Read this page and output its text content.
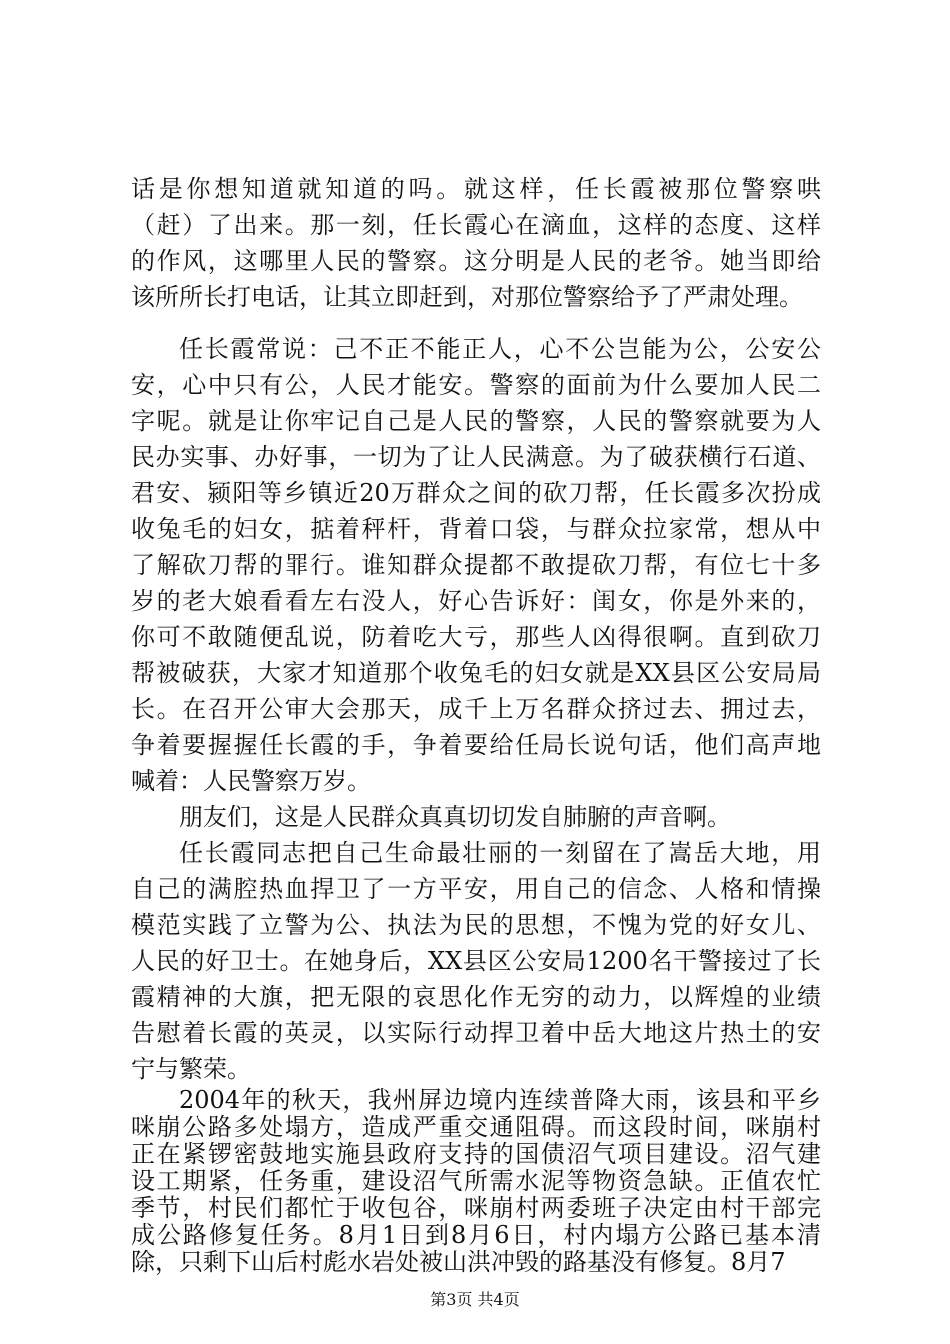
话是你想知道就知道的吗。就这样，任长霞被那位警察哄
（赶）了出来。那一刻，任长霞心在滴血，这样的态度、这样
的作风，这哪里人民的警察。这分明是人民的老爷。她当即给
该所所长打电话，让其立即赶到，对那位警察给予了严肃处理。
任长霞常说：己不正不能正人，心不公岂能为公，公安公
安，心中只有公，人民才能安。警察的面前为什么要加人民二
字呢。就是让你牢记自己是人民的警察，人民的警察就要为人
民办实事、办好事，一切为了让人民满意。为了破获横行石道、
君安、颍阳等乡镇近20万群众之间的砍刀帮，任长霞多次扮成
收兔毛的妇女，掂着秤杆，背着口袋，与群众拉家常，想从中
了解砍刀帮的罪行。谁知群众提都不敢提砍刀帮，有位七十多
岁的老大娘看看左右没人，好心告诉好：闺女，你是外来的，
你可不敢随便乱说，防着吃大亏，那些人凶得很啊。直到砍刀
帮被破获，大家才知道那个收兔毛的妇女就是XX县区公安局局
长。在召开公审大会那天，成千上万名群众挤过去、拥过去，
争着要握握任长霞的手，争着要给任局长说句话，他们高声地
喊着：人民警察万岁。
朋友们，这是人民群众真真切切发自肺腑的声音啊。
任长霞同志把自己生命最壮丽的一刻留在了嵩岳大地，用
自己的满腔热血捍卫了一方平安，用自己的信念、人格和情操
模范实践了立警为公、执法为民的思想，不愧为党的好女儿、
人民的好卫士。在她身后，XX县区公安局1200名干警接过了长
霞精神的大旗，把无限的哀思化作无穷的动力，以辉煌的业绩
告慰着长霞的英灵，以实际行动捍卫着中岳大地这片热土的安
宁与繁荣。
2004年的秋天，我州屏边境内连续普降大雨，该县和平乡
咪崩公路多处塌方，造成严重交通阻碍。而这段时间，咪崩村
正在紧锣密鼓地实施县政府支持的国债沼气项目建设。沼气建
设工期紧，任务重，建设沼气所需水泥等物资急缺。正值农忙
季节，村民们都忙于收包谷，咪崩村两委班子决定由村干部完
成公路修复任务。8月1日到8月6日，村内塌方公路已基本清
除，只剩下山后村彪水岩处被山洪冲毁的路基没有修复。8月7
第3页 共4页
